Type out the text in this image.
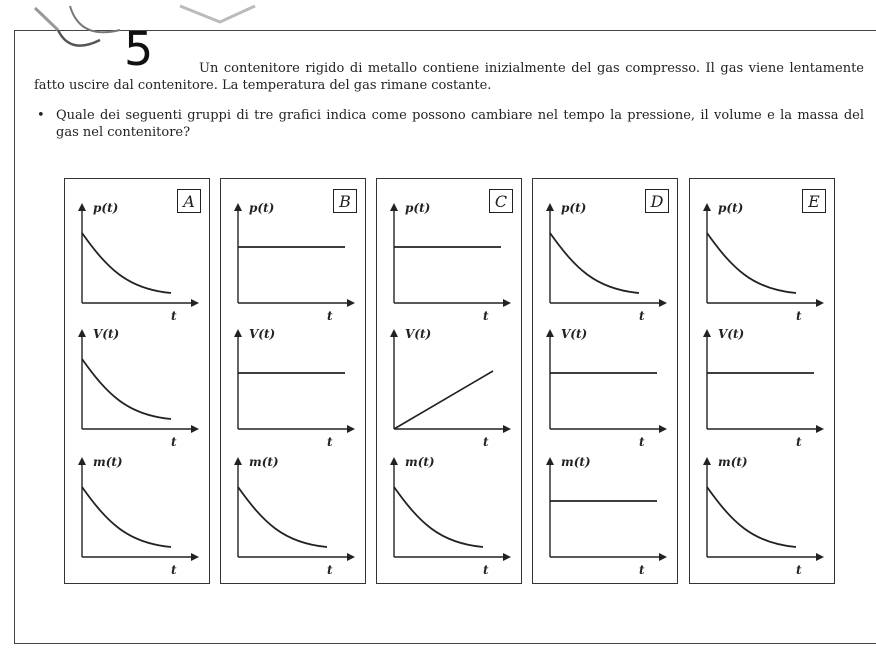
5	Un contenitore rigido di metallo contiene inizialmente del gas compresso. Il gas viene lentamente fatto uscire dal contenitore. La temperatura del gas rimane costante.
• Quale dei seguenti gruppi di tre grafici indica come possono cambiare nel tempo la pressione, il volume e la massa del gas nel contenitore?
A
p(t)
t
V(t)
t
m(t)
t
B
p(t)
t
V(t)
t
m(t)
t
C
p(t)
t
V(t)
t
m(t)
t
D
p(t)
t
V(t)
t
m(t)
t
E
p(t)
t
V(t)
t
m(t)
t
